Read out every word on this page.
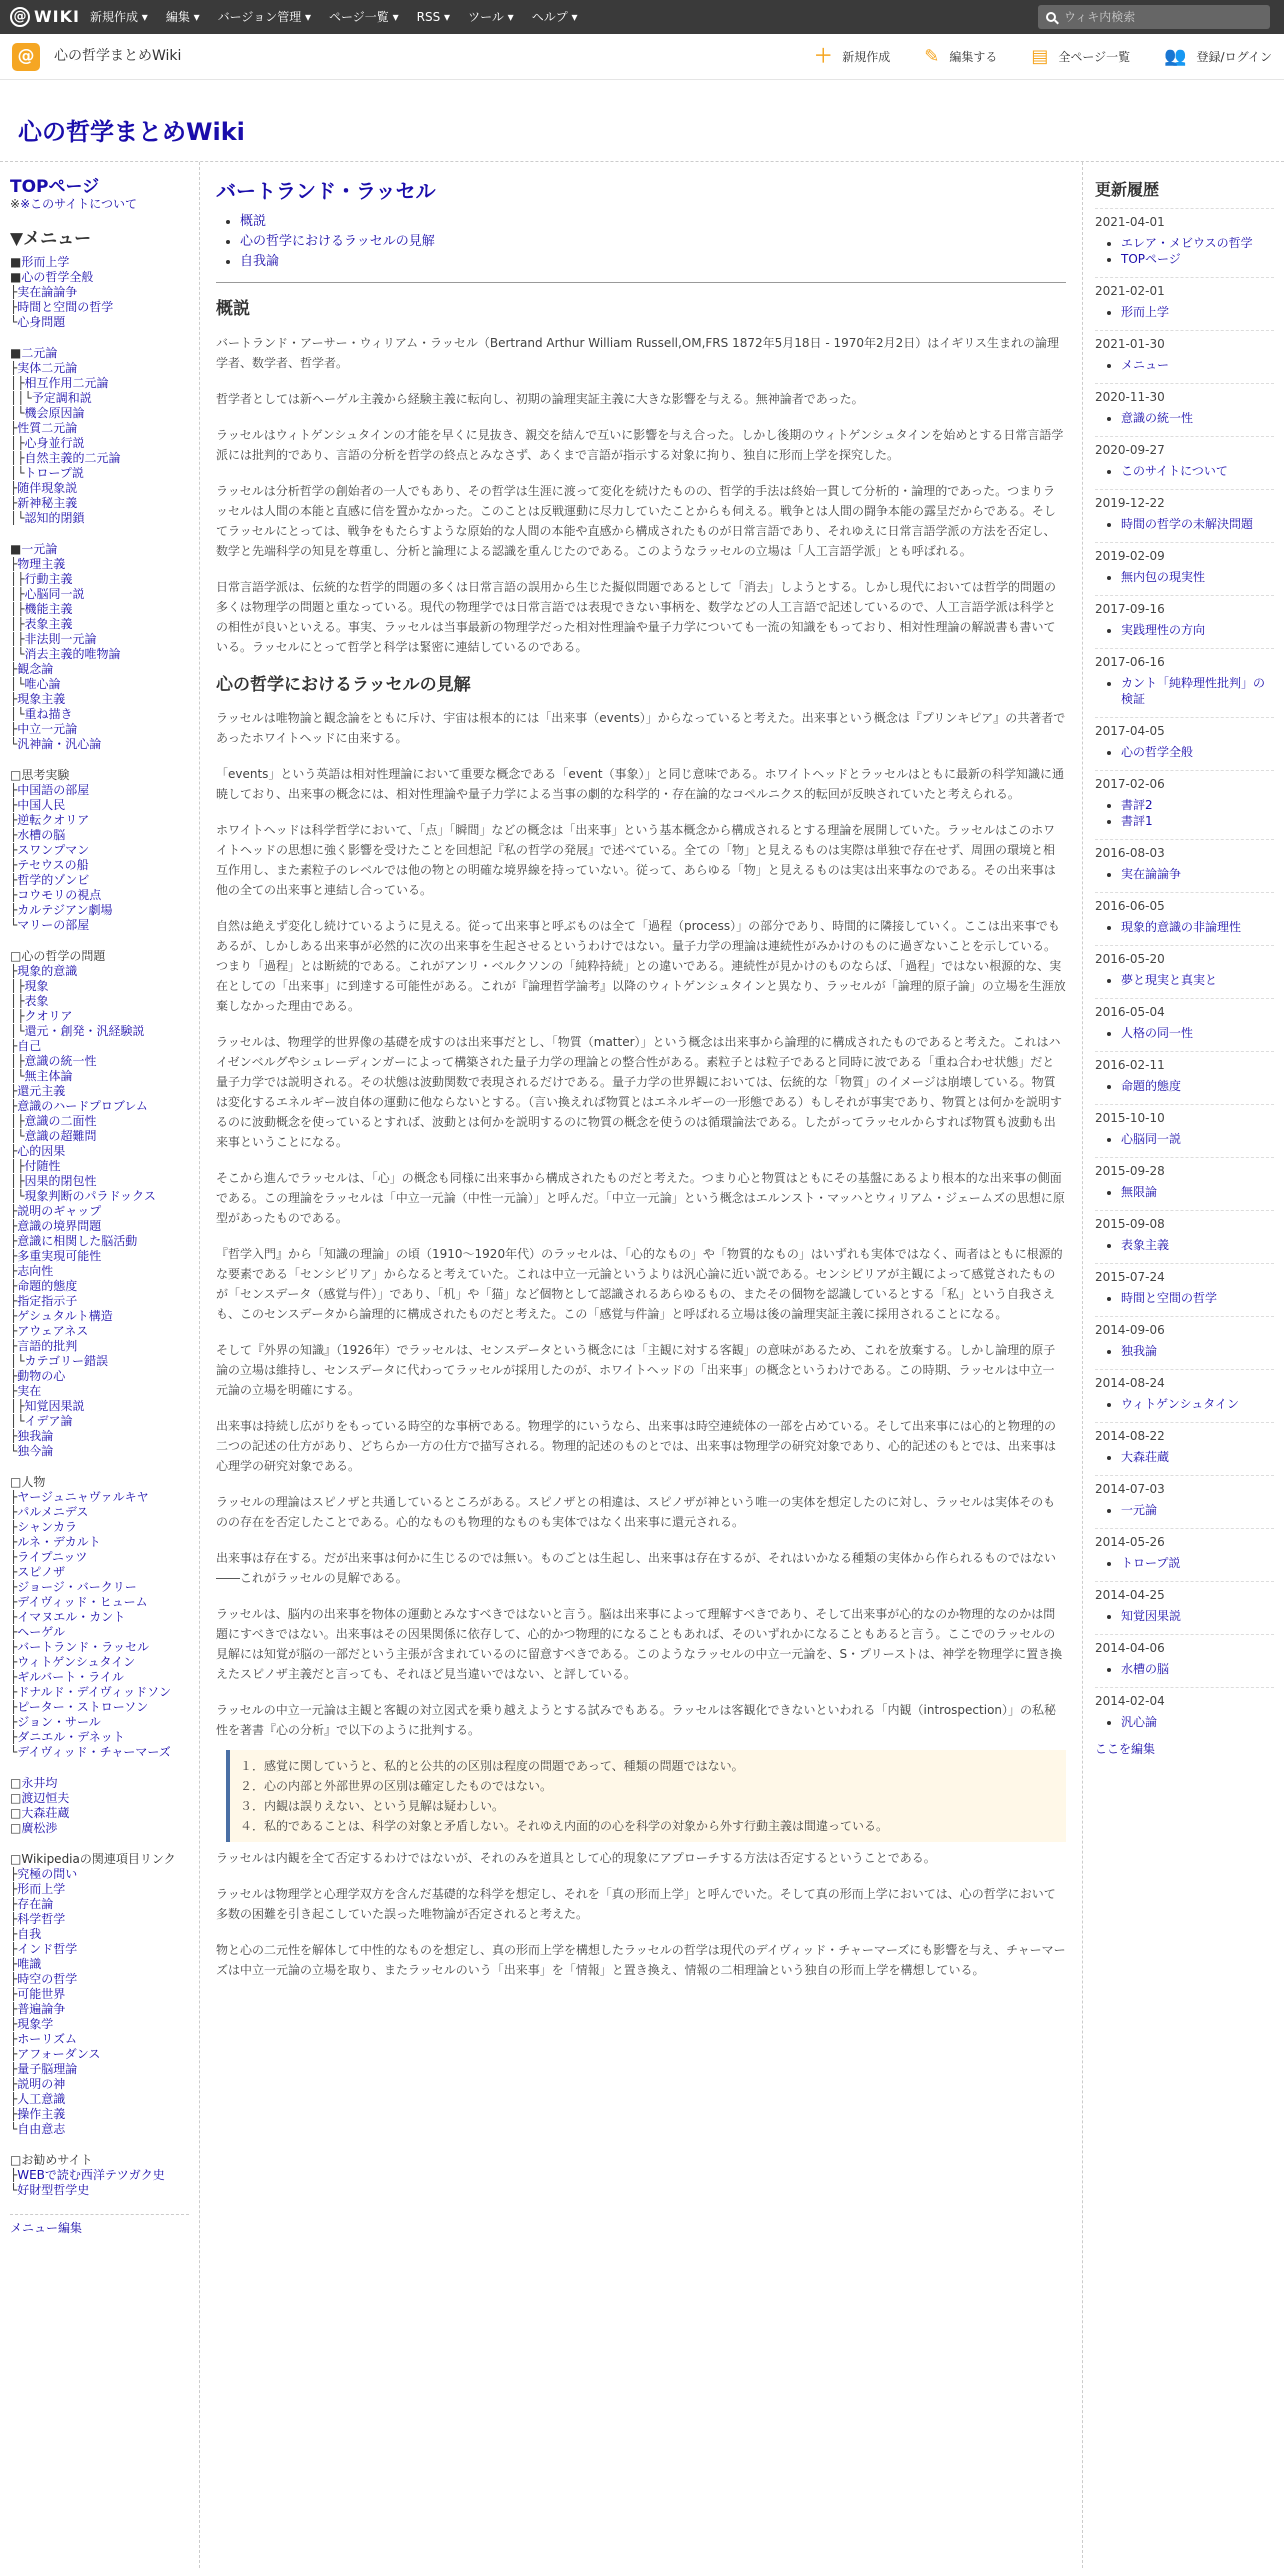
@ WIKI 新規作成 ▾	編集 ▾	バージョン管理 ▾	ページ一覧 ▾	RSS ▾	ツール ▾	ヘルプ ▾	ウィキ内検索
@	心の哲学まとめWiki	＋ 新規作成 ✎ 編集する ▤ 全ページ一覧 👥 登録/ログイン
心の哲学まとめWiki
TOPページ
※※このサイトについて
▼メニュー
■形而上学
■心の哲学全般
├実在論論争
├時間と空間の哲学
└心身問題
■二元論
├実体二元論
│├相互作用二元論
││└予定調和説
│└機会原因論
├性質二元論
│├心身並行説
│├自然主義的二元論
│└トロープ説
├随伴現象説
├新神秘主義
│└認知的閉鎖
■一元論
├物理主義
│├行動主義
│├心脳同一説
│├機能主義
│├表象主義
│├非法則一元論
│└消去主義的唯物論
├観念論
│└唯心論
├現象主義
│└重ね描き
├中立一元論
└汎神論・汎心論
□思考実験
├中国語の部屋
├中国人民
├逆転クオリア
├水槽の脳
├スワンプマン
├テセウスの船
├哲学的ゾンビ
├コウモリの視点
├カルテジアン劇場
└マリーの部屋
□心の哲学の問題
├現象的意識
│├現象
│├表象
│├クオリア
│└還元・創発・汎経験説
├自己
│├意識の統一性
│└無主体論
├還元主義
├意識のハードプロブレム
│├意識の二面性
│└意識の超難問
├心的因果
│├付随性
│├因果的閉包性
│└現象判断のパラドックス
├説明のギャップ
├意識の境界問題
├意識に相関した脳活動
├多重実現可能性
├志向性
├命題的態度
├指定指示子
├ゲシュタルト構造
├アウェアネス
├言語的批判
│└カテゴリー錯誤
├動物の心
├実在
│├知覚因果説
│└イデア論
├独我論
└独今論
□人物
├ヤージュニャヴァルキヤ
├パルメニデス
├シャンカラ
├ルネ・デカルト
├ライプニッツ
├スピノザ
├ジョージ・バークリー
├デイヴィッド・ヒューム
├イマヌエル・カント
├ヘーゲル
├バートランド・ラッセル
├ウィトゲンシュタイン
├ギルバート・ライル
├ドナルド・デイヴィッドソン
├ピーター・ストローソン
├ジョン・サール
├ダニエル・デネット
└デイヴィッド・チャーマーズ
□永井均
□渡辺恒夫
□大森荘蔵
□廣松渉
□Wikipediaの関連項目リンク
├究極の問い
├形而上学
├存在論
├科学哲学
├自我
├インド哲学
├唯識
├時空の哲学
├可能世界
├普遍論争
├現象学
├ホーリズム
├アフォーダンス
├量子脳理論
├説明の神
├人工意識
├操作主義
└自由意志
□お勧めサイト
├WEBで読む西洋テツガク史
└好財型哲学史
メニュー編集
バートランド・ラッセル
• 概説
• 心の哲学におけるラッセルの見解
• 自我論
概説

バートランド・アーサー・ウィリアム・ラッセル（Bertrand Arthur William Russell,OM,FRS 1872年5月18日 - 1970年2月2日）はイギリス生まれの論理学者、数学者、哲学者。

哲学者としては新ヘーゲル主義から経験主義に転向し、初期の論理実証主義に大きな影響を与える。無神論者であった。

ラッセルはウィトゲンシュタインの才能を早くに見抜き、親交を結んで互いに影響を与え合った。しかし後期のウィトゲンシュタインを始めとする日常言語学派には批判的であり、言語の分析を哲学の終点とみなさず、あくまで言語が指示する対象に拘り、独自に形而上学を探究した。

ラッセルは分析哲学の創始者の一人でもあり、その哲学は生涯に渡って変化を続けたものの、哲学的手法は終始一貫して分析的・論理的であった。つまりラッセルは人間の本能と直感に信を置かなかった。このことは反戦運動に尽力していたことからも伺える。戦争とは人間の闘争本能の露呈だからである。そしてラッセルにとっては、戦争をもたらすような原始的な人間の本能や直感から構成されたものが日常言語であり、それゆえに日常言語学派の方法を否定し、数学と先端科学の知見を尊重し、分析と論理による認識を重んじたのである。このようなラッセルの立場は「人工言語学派」とも呼ばれる。

日常言語学派は、伝統的な哲学的問題の多くは日常言語の誤用から生じた擬似問題であるとして「消去」しようとする。しかし現代においては哲学的問題の多くは物理学の問題と重なっている。現代の物理学では日常言語では表現できない事柄を、数学などの人工言語で記述しているので、人工言語学派は科学との相性が良いといえる。事実、ラッセルは当事最新の物理学だった相対性理論や量子力学についても一流の知識をもっており、相対性理論の解説書も書いている。ラッセルにとって哲学と科学は緊密に連結しているのである。

心の哲学におけるラッセルの見解

ラッセルは唯物論と観念論をともに斥け、宇宙は根本的には「出来事（events）」からなっていると考えた。出来事という概念は『プリンキピア』の共著者であったホワイトヘッドに由来する。

「events」という英語は相対性理論において重要な概念である「event（事象）」と同じ意味である。ホワイトヘッドとラッセルはともに最新の科学知識に通暁しており、出来事の概念には、相対性理論や量子力学による当事の劇的な科学的・存在論的なコペルニクス的転回が反映されていたと考えられる。

ホワイトヘッドは科学哲学において、「点」「瞬間」などの概念は「出来事」という基本概念から構成されるとする理論を展開していた。ラッセルはこのホワイトヘッドの思想に強く影響を受けたことを回想記『私の哲学の発展』で述べている。全ての「物」と見えるものは実際は単独で存在せず、周囲の環境と相互作用し、また素粒子のレベルでは他の物との明確な境界線を持っていない。従って、あらゆる「物」と見えるものは実は出来事なのである。その出来事は他の全ての出来事と連結し合っている。

自然は絶えず変化し続けているように見える。従って出来事と呼ぶものは全て「過程（process）」の部分であり、時間的に隣接していく。ここは出来事でもあるが、しかしある出来事が必然的に次の出来事を生起させるというわけではない。量子力学の理論は連続性がみかけのものに過ぎないことを示している。つまり「過程」とは断続的である。これがアンリ・ベルクソンの「純粋持続」との違いである。連続性が見かけのものならば、「過程」ではない根源的な、実在としての「出来事」に到達する可能性がある。これが『論理哲学論考』以降のウィトゲンシュタインと異なり、ラッセルが「論理的原子論」の立場を生涯放棄しなかった理由である。

ラッセルは、物理学的世界像の基礎を成すのは出来事だとし、「物質（matter）」という概念は出来事から論理的に構成されたものであると考えた。これはハイゼンベルグやシュレーディンガーによって構築された量子力学の理論との整合性がある。素粒子とは粒子であると同時に波である「重ね合わせ状態」だと量子力学では説明される。その状態は波動関数で表現されるだけである。量子力学の世界観においては、伝統的な「物質」のイメージは崩壊している。物質は変化するエネルギー波自体の運動に他ならないとする。（言い換えれば物質とはエネルギーの一形態である）もしそれが事実であり、物質とは何かを説明するのに波動概念を使っているとすれば、波動とは何かを説明するのに物質の概念を使うのは循環論法である。したがってラッセルからすれば物質も波動も出来事ということになる。

そこから進んでラッセルは、「心」の概念も同様に出来事から構成されたものだと考えた。つまり心と物質はともにその基盤にあるより根本的な出来事の側面である。この理論をラッセルは「中立一元論（中性一元論）」と呼んだ。「中立一元論」という概念はエルンスト・マッハとウィリアム・ジェームズの思想に原型があったものである。

『哲学入門』から「知識の理論」の頃（1910～1920年代）のラッセルは、「心的なもの」や「物質的なもの」はいずれも実体ではなく、両者はともに根源的な要素である「センシビリア」からなると考えていた。これは中立一元論というよりは汎心論に近い説である。センシビリアが主観によって感覚されたものが「センスデータ（感覚与件）」であり、「机」や「猫」など個物として認識されるあらゆるもの、またその個物を認識しているとする「私」という自我さえも、このセンスデータから論理的に構成されたものだと考えた。この「感覚与件論」と呼ばれる立場は後の論理実証主義に採用されることになる。

そして『外界の知識』（1926年）でラッセルは、センスデータという概念には「主観に対する客観」の意味があるため、これを放棄する。しかし論理的原子論の立場は維持し、センスデータに代わってラッセルが採用したのが、ホワイトヘッドの「出来事」の概念というわけである。この時期、ラッセルは中立一元論の立場を明確にする。

出来事は持続し広がりをもっている時空的な事柄である。物理学的にいうなら、出来事は時空連続体の一部を占めている。そして出来事には心的と物理的の二つの記述の仕方があり、どちらか一方の仕方で描写される。物理的記述のものとでは、出来事は物理学の研究対象であり、心的記述のもとでは、出来事は心理学の研究対象である。

ラッセルの理論はスピノザと共通しているところがある。スピノザとの相違は、スピノザが神という唯一の実体を想定したのに対し、ラッセルは実体そのものの存在を否定したことである。心的なものも物理的なものも実体ではなく出来事に還元される。

出来事は存在する。だが出来事は何かに生じるのでは無い。ものごとは生起し、出来事は存在するが、それはいかなる種類の実体から作られるものではない――これがラッセルの見解である。

ラッセルは、脳内の出来事を物体の運動とみなすべきではないと言う。脳は出来事によって理解すべきであり、そして出来事が心的なのか物理的なのかは問題にすべきではない。出来事はその因果関係に依存して、心的かつ物理的になることもあれば、そのいずれかになることもあると言う。ここでのラッセルの見解には知覚が脳の一部だという主張が含まれているのに留意すべきである。このようなラッセルの中立一元論を、S・プリーストは、神学を物理学に置き換えたスピノザ主義だと言っても、それほど見当違いではない、と評している。

ラッセルの中立一元論は主観と客観の対立図式を乗り越えようとする試みでもある。ラッセルは客観化できないといわれる「内観（introspection）」の私秘性を著書『心の分析』で以下のように批判する。

１．感覚に関していうと、私的と公共的の区別は程度の問題であって、種類の問題ではない。
２．心の内部と外部世界の区別は確定したものではない。
３．内観は誤りえない、という見解は疑わしい。
４．私的であることは、科学の対象と矛盾しない。それゆえ内面的の心を科学の対象から外す行動主義は間違っている。

ラッセルは内観を全て否定するわけではないが、それのみを道具として心的現象にアプローチする方法は否定するということである。

ラッセルは物理学と心理学双方を含んだ基礎的な科学を想定し、それを「真の形而上学」と呼んでいた。そして真の形而上学においては、心の哲学において多数の困難を引き起こしていた誤った唯物論が否定されると考えた。

物と心の二元性を解体して中性的なものを想定し、真の形而上学を構想したラッセルの哲学は現代のデイヴィッド・チャーマーズにも影響を与え、チャーマーズは中立一元論の立場を取り、またラッセルのいう「出来事」を「情報」と置き換え、情報の二相理論という独自の形而上学を構想している。

更新履歴
2021-04-01
• エレア・メビウスの哲学
• TOPページ
2021-02-01
• 形而上学
2021-01-30
• メニュー
2020-11-30
• 意識の統一性
2020-09-27
• このサイトについて
2019-12-22
• 時間の哲学の未解決問題
2019-02-09
• 無内包の現実性
2017-09-16
• 実践理性の方向
2017-06-16
• カント「純粋理性批判」の検証
2017-04-05
• 心の哲学全般
2017-02-06
• 書評2
• 書評1
2016-08-03
• 実在論論争
2016-06-05
• 現象的意識の非論理性
2016-05-20
• 夢と現実と真実と
2016-05-04
• 人格の同一性
2016-02-11
• 命題的態度
2015-10-10
• 心脳同一説
2015-09-28
• 無限論
2015-09-08
• 表象主義
2015-07-24
• 時間と空間の哲学
2014-09-06
• 独我論
2014-08-24
• ウィトゲンシュタイン
2014-08-22
• 大森荘蔵
2014-07-03
• 一元論
2014-05-26
• トロープ説
2014-04-25
• 知覚因果説
2014-04-06
• 水槽の脳
2014-02-04
• 汎心論
ここを編集
